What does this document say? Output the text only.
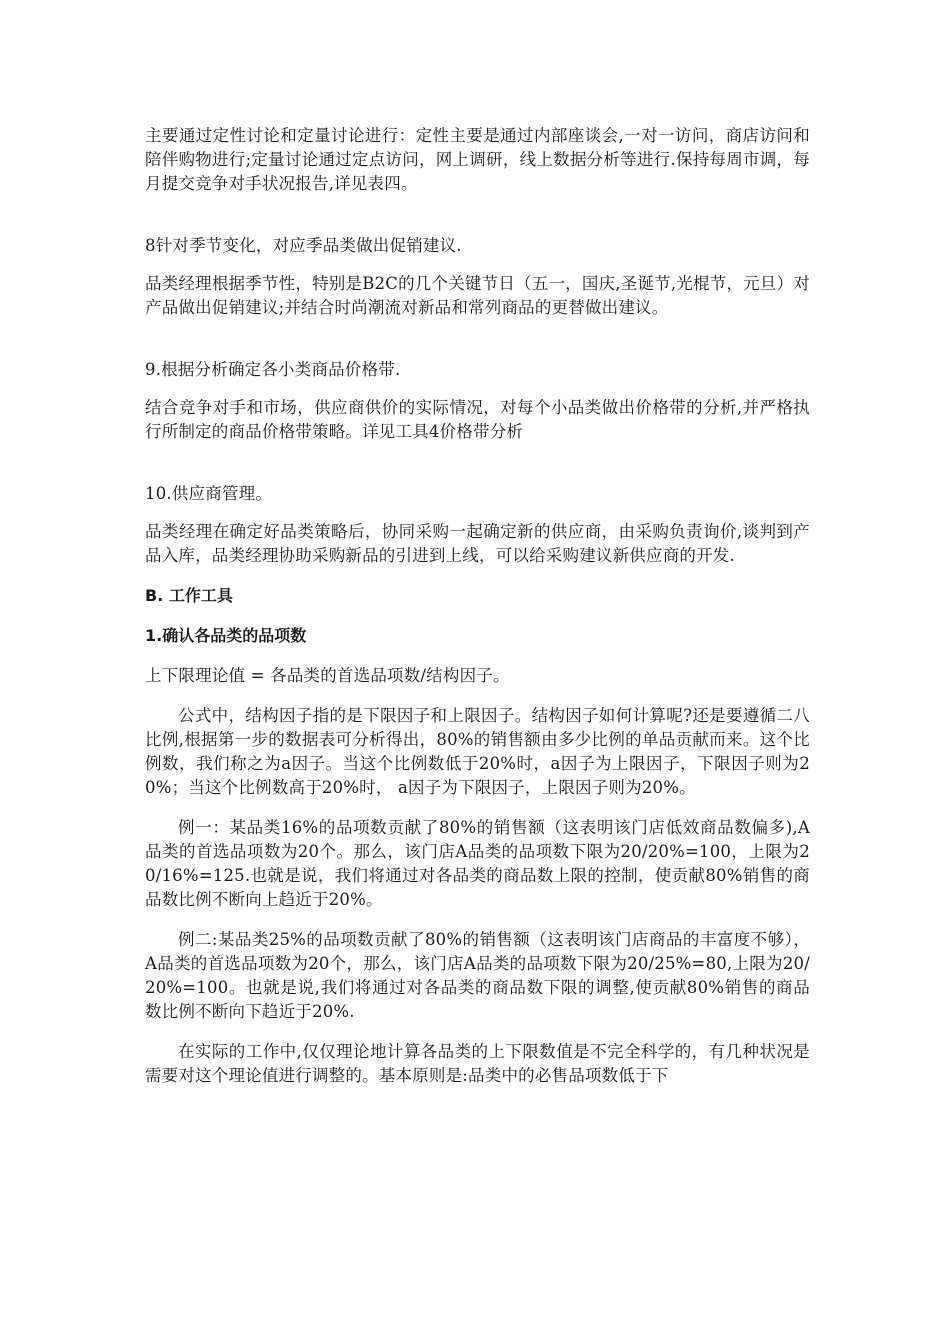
主要通过定性讨论和定量讨论进行：定性主要是通过内部座谈会,一对一访问，商店访问和陪伴购物进行;定量讨论通过定点访问，网上调研，线上数据分析等进行.保持每周市调，每月提交竞争对手状况报告,详见表四。

8针对季节变化，对应季品类做出促销建议.

品类经理根据季节性，特别是B2C的几个关键节日（五一，国庆,圣诞节,光棍节，元旦）对产品做出促销建议;并结合时尚潮流对新品和常列商品的更替做出建议。

9.根据分析确定各小类商品价格带.

结合竞争对手和市场，供应商供价的实际情况，对每个小品类做出价格带的分析,并严格执行所制定的商品价格带策略。详见工具4价格带分析

10.供应商管理。

品类经理在确定好品类策略后，协同采购一起确定新的供应商，由采购负责询价,谈判到产品入库，品类经理协助采购新品的引进到上线，可以给采购建议新供应商的开发.

B. 工作工具

1.确认各品类的品项数

上下限理论值 = 各品类的首选品项数/结构因子。

公式中，结构因子指的是下限因子和上限因子。结构因子如何计算呢?还是要遵循二八比例,根据第一步的数据表可分析得出，80%的销售额由多少比例的单品贡献而来。这个比例数，我们称之为a因子。当这个比例数低于20%时，a因子为上限因子，下限因子则为20%；当这个比例数高于20%时， a因子为下限因子，上限因子则为20%。

例一：某品类16%的品项数贡献了80%的销售额（这表明该门店低效商品数偏多),A品类的首选品项数为20个。那么，该门店A品类的品项数下限为20/20%=100，上限为20/16%=125.也就是说，我们将通过对各品类的商品数上限的控制，使贡献80%销售的商品数比例不断向上趋近于20%。

例二:某品类25%的品项数贡献了80%的销售额（这表明该门店商品的丰富度不够），A品类的首选品项数为20个，那么，该门店A品类的品项数下限为20/25%=80,上限为20/20%=100。也就是说,我们将通过对各品类的商品数下限的调整,使贡献80%销售的商品数比例不断向下趋近于20%.

在实际的工作中,仅仅理论地计算各品类的上下限数值是不完全科学的，有几种状况是需要对这个理论值进行调整的。基本原则是:品类中的必售品项数低于下
